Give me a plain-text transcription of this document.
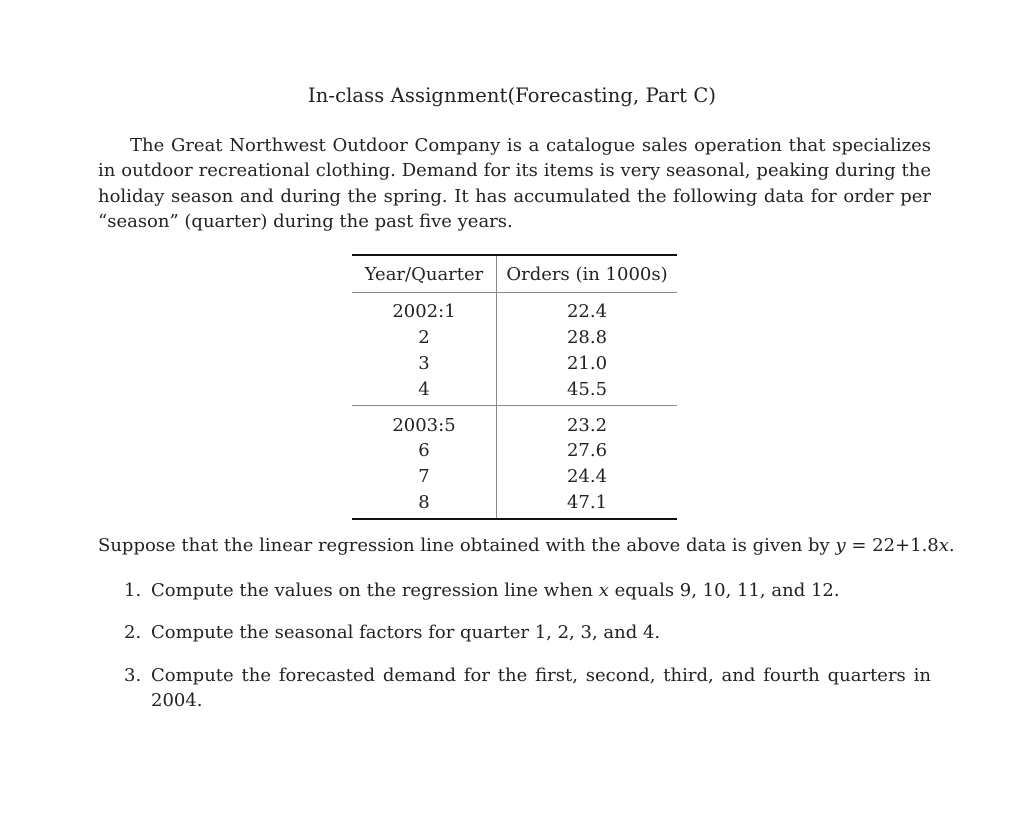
In-class Assignment(Forecasting, Part C)

The Great Northwest Outdoor Company is a catalogue sales operation that specializes in outdoor recreational clothing. Demand for its items is very seasonal, peaking during the holiday season and during the spring. It has accumulated the following data for order per “season” (quarter) during the past five years.

Year/Quarter	Orders (in 1000s)
2002:1	22.4
2	28.8
3	21.0
4	45.5
2003:5	23.2
6	27.6
7	24.4
8	47.1

Suppose that the linear regression line obtained with the above data is given by y = 22+1.8x.

1. Compute the values on the regression line when x equals 9, 10, 11, and 12.
2. Compute the seasonal factors for quarter 1, 2, 3, and 4.
3. Compute the forecasted demand for the first, second, third, and fourth quarters in 2004.
